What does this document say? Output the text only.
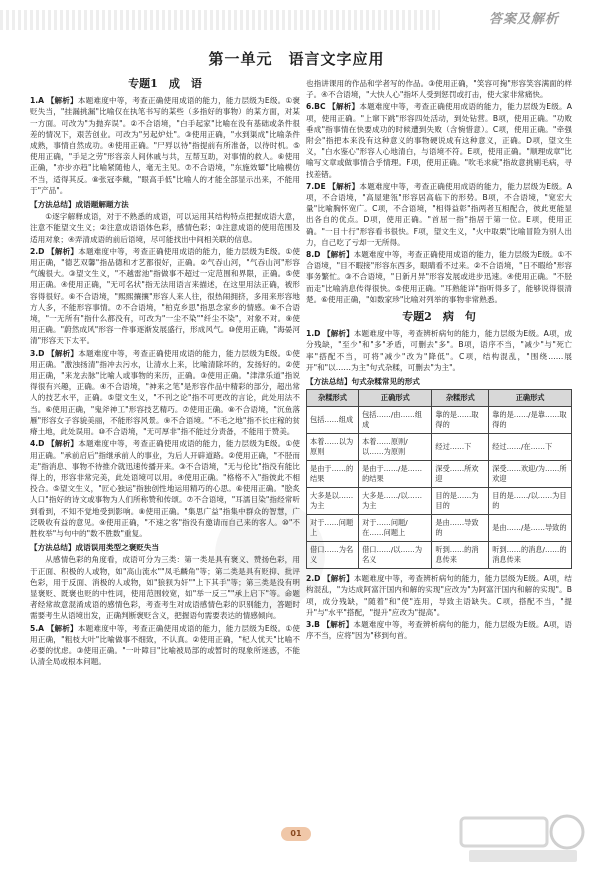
答案及解析
第一单元　语言文字应用
专题1　成　语

1.A 【解析】本题难度中等，考查正确使用成语的能力，能力层级为E级。①褒贬失当，"挂漏挑漏"比喻仅在执笔书写的某些（多指好的事物）的某方面，对某一方面。可改为"为抛弃误"。②不合语境，"白手起家"比喻在没有基础或条件很差的情况下，艰苦创业。可改为"另起炉灶"。③使用正确，"水到渠成"比喻条件成熟，事情自然成功。④使用正确。"尸殍以待"指提前有所准备，以待时机。⑤使用正确，"手足之劳"形容亲人间休戚与共，互帮互助，对事情的救人。⑥使用正确，"亦步亦趋"比喻紧随他人，毫无主见。⑦不合语境，"东施效颦"比喻模仿不当，适得其反。⑧张冠李戴，"眼高手低"比喻人的才能全部显示出来，不能用于"产品"。

【方法总结】成语题解题方法

①逐字解释成语，对于不熟悉的成语，可以运用其结构特点把握成语大意，注意不能望文生义；②注意成语语体色彩，感情色彩；③注意成语的使用范围及适用对象；④弄清成语的前后语境，尽可能找出中间相关联的信息。

2.D 【解析】本题难度中等，考查正确使用成语的能力，能力层级为E级。①使用正确，"德艺双馨"指品德和才艺都很好，正确。②气吞山河，"气吞山河"形容气魄很大。③望文生义，"不越雷池"指做事不超过一定范围和界限，正确。⑤使用正确。④使用正确，"无可名状"指无法用语言来描述，在这里用法正确，被形容得很好。⑥不合语境，"熙熙攘攘"形容人来人往，很热闹拥挤，多用来形容地方人多，不能形容事情。⑦不合语境，"柏克乡思"指思念家乡的情感。⑧不合语境，"一无所有"指什么都没有，可改为"一尘不染""纤尘不染"，对象不对。⑨使用正确。"蔚然成风"形容一件事逐渐发展盛行，形成风气。⑩使用正确，"海晏河清"形容天下太平。

3.D 【解析】本题难度中等，考查正确使用成语的能力，能力层级为E级。①使用正确。"激浊扬清"指冲去污水，让清水上来，比喻清除坏的，发扬好的。②使用正确，"来龙去脉"比喻人或事物的来历，正确。③使用正确。"津津乐道"指说得很有兴趣，正确。④不合语境，"神来之笔"是形容作品中精彩的部分，超出常人的技艺水平，正确。⑤望文生义，"不刊之论"指不可更改的言论，此处用法不当。⑥使用正确，"鬼斧神工"形容技艺精巧。⑦使用正确。⑧不合语境，"沉鱼落雁"形容女子容貌美丽，不能形容风景。⑨不合语境。"不毛之地"指不长庄稼的贫瘠土地，此处误用。⑩不合语境，"无可厚非"指不能过分责备，不能用于赞美。

4.D 【解析】本题难度中等，考查正确使用成语的能力，能力层级为E级。①使用正确。"承前启后"指继承前人的事业，为后人开辟道路。②使用正确，"不胫而走"指消息、事物不待推介就迅速传播开来。③不合语境，"无与伦比"指没有能比得上的，形容非常完美，此处语境可以用。④使用正确。"格格不入"指彼此不相投合。⑤望文生义，"匠心独运"指独创性地运用精巧的心思。⑥使用正确。"脍炙人口"指好的诗文或事物为人们所称赞和传颂。⑦不合语境，"耳濡目染"指经常听到看到，不知不觉地受到影响。⑧使用正确。"集思广益"指集中群众的智慧，广泛吸收有益的意见。⑨使用正确，"不速之客"指没有邀请而自己来的客人。⑩"不胜枚举"与句中的"数不胜数"重复。

【方法总结】成语误用类型之褒贬失当

从感情色彩的角度看，成语可分为三类：第一类是具有褒义、赞扬色彩，用于正面、积极的人或物，如"高山流水""凤毛麟角"等；第二类是具有贬抑、批评色彩，用于反面、消极的人或物，如"狼狈为奸""上下其手"等；第三类是没有明显褒贬、既褒也贬的中性词，使用范围较宽，如"举一反三""承上启下"等。命题者经常故意混淆成语的感情色彩，考查考生对成语感情色彩的识别能力，答题时需要考生从语境出发，正确判断褒贬含义，把握语句需要表达的情感倾向。

5.A 【解析】本题难度中等，考查正确使用成语的能力，能力层级为E级。①使用正确，"粗枝大叶"比喻做事不细致，不认真。②使用正确，"杞人忧天"比喻不必要的忧虑。③使用正确。"一叶障目"比喻被局部的或暂时的现象所迷惑，不能认清全局或根本问题。

也指讲课用的作品和学者写的作品。③使用正确，"笑容可掬"形容笑容满面的样子。④不合语境，"大快人心"指坏人受到惩罚或打击，使大家非常痛快。

6.BC 【解析】本题难度中等，考查正确使用成语的能力，能力层级为E级。A项，使用正确。"上窜下跳"形容四处活动，到处钻营。B项，使用正确。"功败垂成"指事情在快要成功的时候遭到失败（含惋惜意）。C项，使用正确。"牵强附会"指把本来没有这种意义的事物硬说成有这种意义，正确。D项，望文生义，"白水鉴心"形容人心地清白，与语境不符。E项，使用正确。"顺理成章"比喻写文章或做事情合乎情理。F项，使用正确。"吹毛求疵"指故意挑剔毛病，寻找差错。

7.DE 【解析】本题难度中等，考查正确使用成语的能力，能力层级为E级。A项，不合语境，"高屋建瓴"形容居高临下的形势。B项，不合语境，"宽宏大量"比喻胸怀宽广。C项，不合语境，"相得益彰"指两者互相配合，彼此更能显出各自的优点。D项，使用正确。"首屈一指"指居于第一位。E项，使用正确。"一目十行"形容看书很快。F项，望文生义，"火中取栗"比喻冒险为别人出力，自己吃了亏却一无所得。

8.D 【解析】本题难度中等，考查正确使用成语的能力，能力层级为E级。①不合语境，"目不暇接"形容东西多，眼睛看不过来。②不合语境，"日不暇给"形容事务繁忙。③不合语境，"日新月异"形容发展或进步迅速。④使用正确。"不胫而走"比喻消息传得很快。⑤使用正确。"耳熟能详"指听得多了，能够说得很清楚。⑥使用正确，"如数家珍"比喻对列举的事物非常熟悉。

专题2　病　句

1.D 【解析】本题难度中等，考查辨析病句的能力，能力层级为E级。A项，成分残缺，"至少"和"多"矛盾，可删去"多"。B项，语序不当，"减少"与"死亡率"搭配不当，可将"减少"改为"降低"。C项，结构混乱，"围绕……展开"和"以……为主"句式杂糅，可删去"为主"。

【方法总结】句式杂糅常见的形式
杂糅形式	正确形式	杂糅形式	正确形式
包括……组成	包括……/由……组成	靠的是……取得的	靠的是……/是靠……取得的
本着……以为原则	本着……原则/以……为原则	经过……下	经过……/在……下
是由于……的结果	是由于……/是……的结果	深受……所欢迎	深受……欢迎/为……所欢迎
大多是以……为主	大多是……/以……为主	目的是……为目的	目的是……/以……为目的
对于……问题上	对于……问题/在……问题上	是由……导致的	是由……/是……导致的
借口……为名义	借口……/以……为名义	听到……的消息传来	听到……的消息/……的消息传来

2.D 【解析】本题难度中等，考查辨析病句的能力，能力层级为E级。A项，结构混乱，"为达成阿富汗国内和解的实现"应改为"为阿富汗国内和解的实现"。B项，成分残缺，"随着"和"使"连用，导致主语缺失。C项，搭配不当，"提升"与"水平"搭配，"提升"应改为"提高"。

3.B 【解析】本题难度中等，考查辨析病句的能力，能力层级为E级。A项，语序不当，应将"因为"移到句首。

01
